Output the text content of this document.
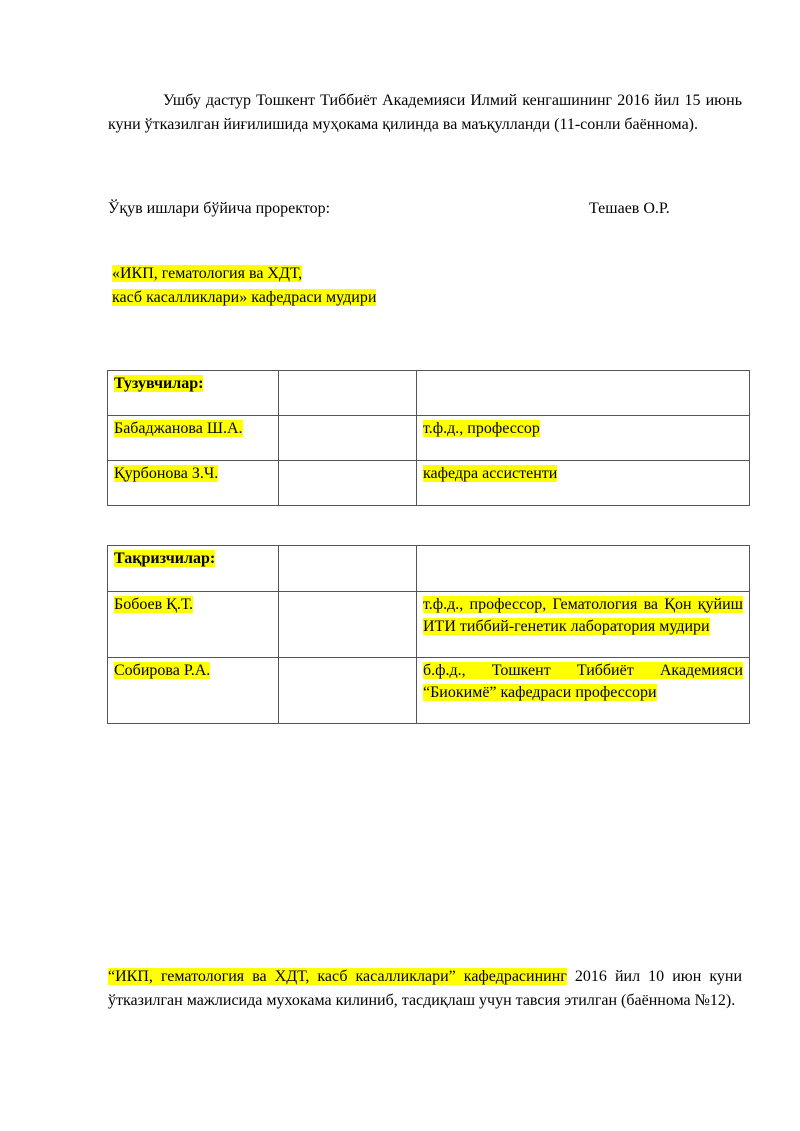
Ушбу дастур Тошкент Тиббиёт Академияси Илмий кенгашининг 2016 йил 15 июнь куни ўтказилган йиғилишида муҳокама қилинда ва маъқулланди (11-сонли баённома).
Ўқув ишлари бўйича проректор:	Тешаев О.Р.
«ИКП, гематология ва ХДТ,
касб касалликлари» кафедраси мудири
Тузувчилар:		
Бабаджанова Ш.А.		т.ф.д., профессор
Қурбонова З.Ч.		кафедра ассистенти
Тақризчилар:		
Бобоев Қ.Т.		т.ф.д., профессор, Гематология ва Қон қуйиш ИТИ тиббий-генетик лаборатория мудири
Собирова Р.А.		б.ф.д., Тошкент Тиббиёт Академияси “Биокимё” кафедраси профессори
“ИКП, гематология ва ХДТ, касб касалликлари” кафедрасининг 2016 йил 10 июн куни ўтказилган мажлисида мухокама килиниб, тасдиқлаш учун тавсия этилган (баённома №12).
